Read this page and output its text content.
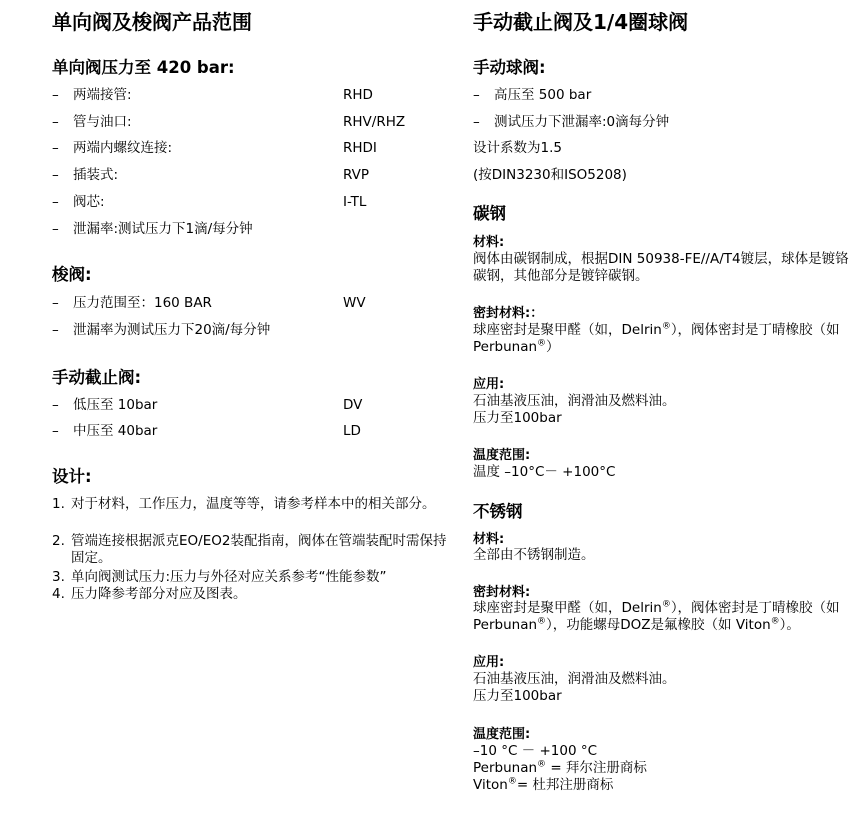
单向阀及梭阀产品范围
单向阀压力至 420 bar:
– 两端接管:	RHD
– 管与油口:	RHV/RHZ
– 两端内螺纹连接:	RHDI
– 插装式:	RVP
– 阀芯:	I-TL
– 泄漏率:测试压力下1滴/每分钟
梭阀:
– 压力范围至：160 BAR	WV
– 泄漏率为测试压力下20滴/每分钟
手动截止阀:
– 低压至 10bar	DV
– 中压至 40bar	LD
设计:
1. 对于材料，工作压力，温度等等，请参考样本中的相关部分。
2. 管端连接根据派克EO/EO2装配指南，阀体在管端装配时需保持固定。
3. 单向阀测试压力:压力与外径对应关系参考“性能参数”
4. 压力降参考部分对应及图表。
手动截止阀及1/4圈球阀
手动球阀:
– 高压至 500 bar
– 测试压力下泄漏率:0滴每分钟
设计系数为1.5
(按DIN3230和ISO5208)
碳钢
材料:
阀体由碳钢制成，根据DIN 50938-FE//A/T4镀层，球体是镀铬碳钢，其他部分是镀锌碳钢。
密封材料:：
球座密封是聚甲醛（如，Delrin®），阀体密封是丁晴橡胶（如Perbunan®）
应用:
石油基液压油，润滑油及燃料油。
压力至100bar
温度范围:
温度 –10°C－ +100°C
不锈钢
材料:
全部由不锈钢制造。
密封材料:
球座密封是聚甲醛（如，Delrin®），阀体密封是丁晴橡胶（如 Perbunan®），功能螺母DOZ是氟橡胶（如 Viton®）。
应用:
石油基液压油，润滑油及燃料油。
压力至100bar
温度范围:
–10 °C － +100 °C
Perbunan® = 拜尔注册商标
Viton®= 杜邦注册商标
